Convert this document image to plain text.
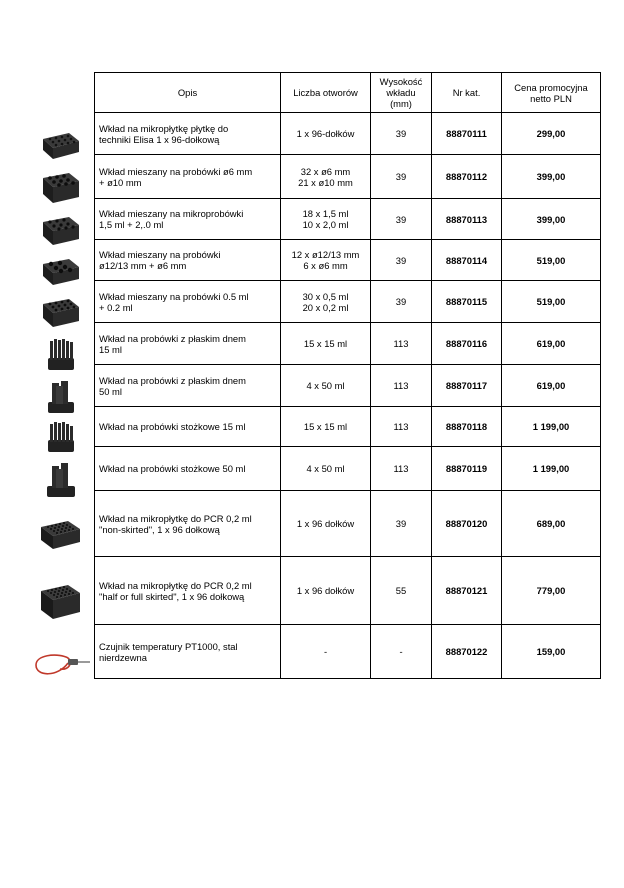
Opis	Liczba otworów	Wysokość
wkładu
(mm)	Nr kat.	Cena promocyjna
netto PLN

Wkład na mikropłytkę płytkę do
techniki Elisa 1 x 96-dołkową	1 x 96-dołków	39	88870111	299,00

Wkład mieszany na probówki ø6 mm
+ ø10 mm	32 x ø6 mm
21 x ø10 mm	39	88870112	399,00

Wkład mieszany na mikroprobówki
1,5 ml + 2,.0 ml	18 x 1,5 ml
10 x 2,0 ml	39	88870113	399,00

Wkład mieszany na probówki
ø12/13 mm + ø6 mm	12 x ø12/13 mm
6 x ø6 mm	39	88870114	519,00

Wkład mieszany na probówki 0.5 ml
+ 0.2 ml	30 x 0,5 ml
20 x 0,2 ml	39	88870115	519,00

Wkład na probówki z płaskim dnem
15 ml	15 x 15 ml	113	88870116	619,00

Wkład na probówki z płaskim dnem
50 ml	4 x 50 ml	113	88870117	619,00

Wkład na probówki stożkowe 15 ml	15 x 15 ml	113	88870118	1 199,00

Wkład na probówki stożkowe 50 ml	4 x 50 ml	113	88870119	1 199,00

Wkład na mikropłytkę do PCR 0,2 ml
"non-skirted", 1 x 96 dołkową	1 x 96 dołków	39	88870120	689,00

Wkład na mikropłytkę do PCR 0,2 ml
"half or full skirted", 1 x 96 dołkową	1 x 96 dołków	55	88870121	779,00

Czujnik temperatury PT1000, stal
nierdzewna	-	-	88870122	159,00
